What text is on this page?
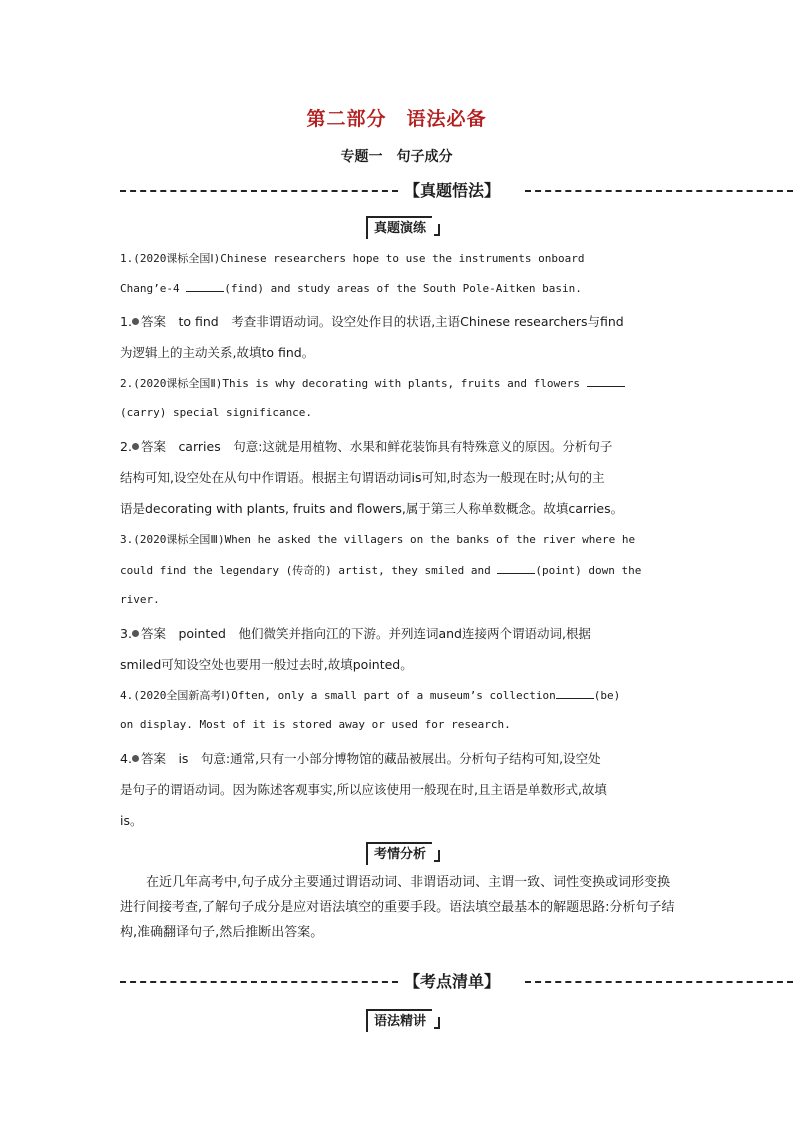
第二部分　语法必备
专题一　句子成分
【真题悟法】
真题演练
1.(2020课标全国Ⅰ)Chinese researchers hope to use the instruments onboard
Chang’e-4	(find) and study areas of the South Pole-Aitken basin.
1. 答案　to find　考查非谓语动词。设空处作目的状语,主语Chinese researchers与find
为逻辑上的主动关系,故填to find。
2.(2020课标全国Ⅱ)This is why decorating with plants, fruits and flowers
(carry) special significance.
2. 答案　carries　句意:这就是用植物、水果和鲜花装饰具有特殊意义的原因。分析句子
结构可知,设空处在从句中作谓语。根据主句谓语动词is可知,时态为一般现在时;从句的主
语是decorating with plants, fruits and flowers,属于第三人称单数概念。故填carries。
3.(2020课标全国Ⅲ)When he asked the villagers on the banks of the river where he
could find the legendary (传奇的) artist, they smiled and	(point) down the
river.
3. 答案　pointed　他们微笑并指向江的下游。并列连词and连接两个谓语动词,根据
smiled可知设空处也要用一般过去时,故填pointed。
4.(2020全国新高考Ⅰ)Often, only a small part of a museum’s collection	(be)
on display. Most of it is stored away or used for research.
4. 答案　is　句意:通常,只有一小部分博物馆的藏品被展出。分析句子结构可知,设空处
是句子的谓语动词。因为陈述客观事实,所以应该使用一般现在时,且主语是单数形式,故填
is。
考情分析
在近几年高考中,句子成分主要通过谓语动词、非谓语动词、主谓一致、词性变换或词形变换进行间接考查,了解句子成分是应对语法填空的重要手段。语法填空最基本的解题思路:分析句子结构,准确翻译句子,然后推断出答案。
【考点清单】
语法精讲
